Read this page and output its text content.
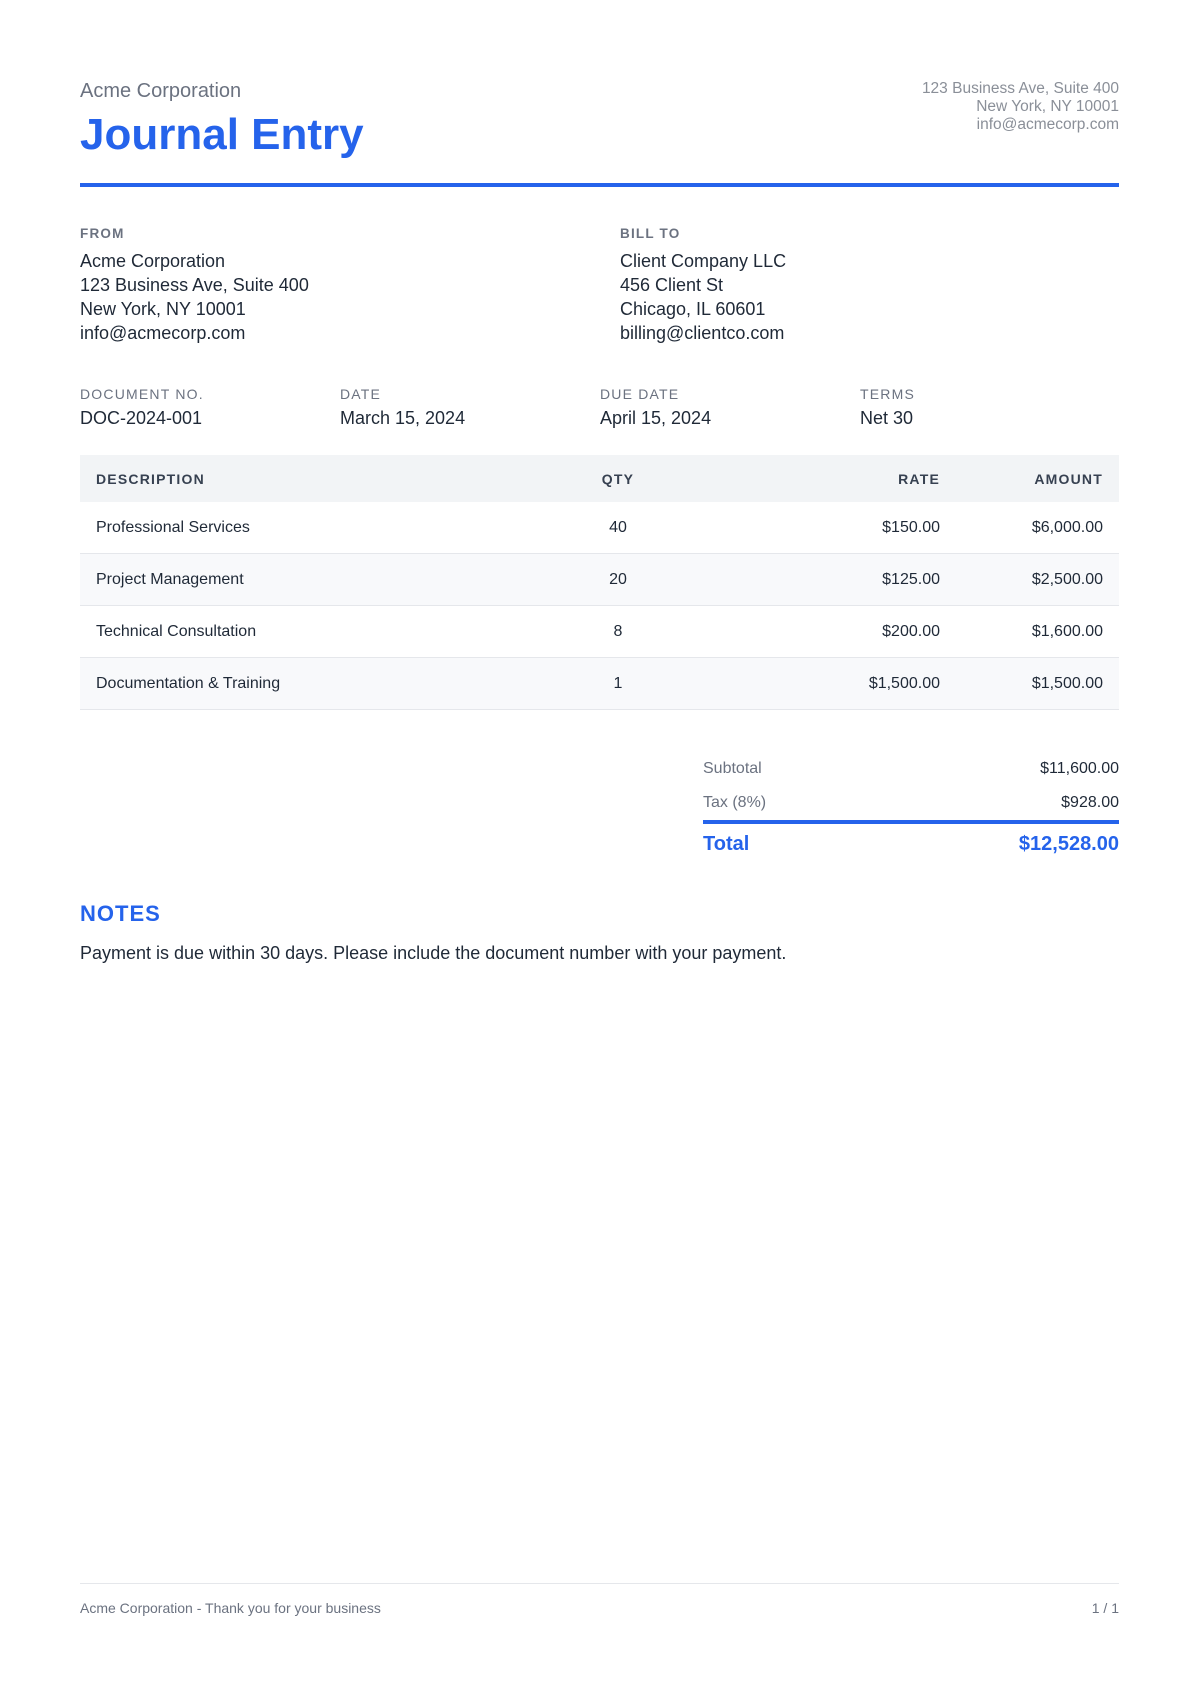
Acme Corporation
Journal Entry
123 Business Ave, Suite 400
New York, NY 10001
info@acmecorp.com
FROM
Acme Corporation
123 Business Ave, Suite 400
New York, NY 10001
info@acmecorp.com
BILL TO
Client Company LLC
456 Client St
Chicago, IL 60601
billing@clientco.com
DOCUMENT NO.
DOC-2024-001
DATE
March 15, 2024
DUE DATE
April 15, 2024
TERMS
Net 30
DESCRIPTION	QTY	RATE	AMOUNT
Professional Services	40	$150.00	$6,000.00
Project Management	20	$125.00	$2,500.00
Technical Consultation	8	$200.00	$1,600.00
Documentation & Training	1	$1,500.00	$1,500.00
Subtotal	$11,600.00
Tax (8%)	$928.00
Total	$12,528.00
NOTES
Payment is due within 30 days. Please include the document number with your payment.
Acme Corporation - Thank you for your business	1 / 1
